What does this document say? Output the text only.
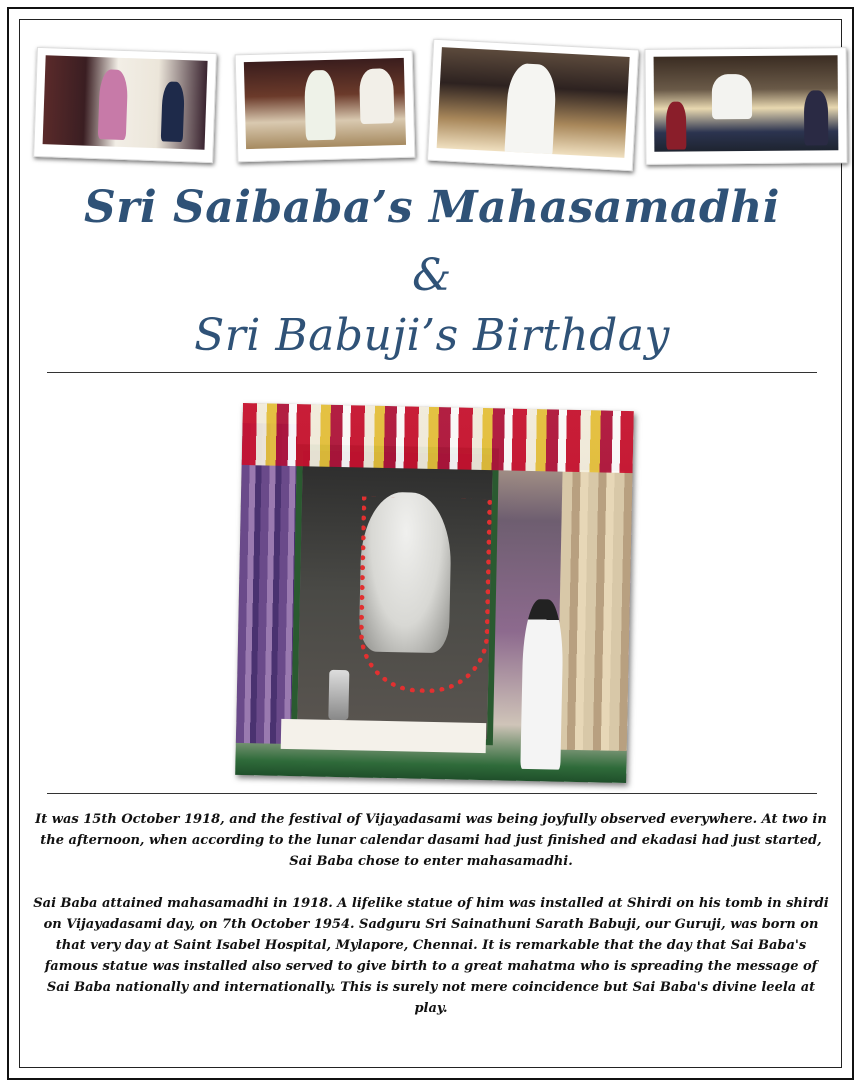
Sri Saibaba’s Mahasamadhi
&
Sri Babuji’s Birthday

It was 15th October 1918, and the festival of Vijayadasami was being joyfully observed everywhere. At two in the afternoon, when according to the lunar calendar dasami had just finished and ekadasi had just started, Sai Baba chose to enter mahasamadhi.

Sai Baba attained mahasamadhi in 1918. A lifelike statue of him was installed at Shirdi on his tomb in shirdi on Vijayadasami day, on 7th October 1954. Sadguru Sri Sainathuni Sarath Babuji, our Guruji, was born on that very day at Saint Isabel Hospital, Mylapore, Chennai. It is remarkable that the day that Sai Baba's famous statue was installed also served to give birth to a great mahatma who is spreading the message of Sai Baba nationally and internationally. This is surely not mere coincidence but Sai Baba's divine leela at play.
